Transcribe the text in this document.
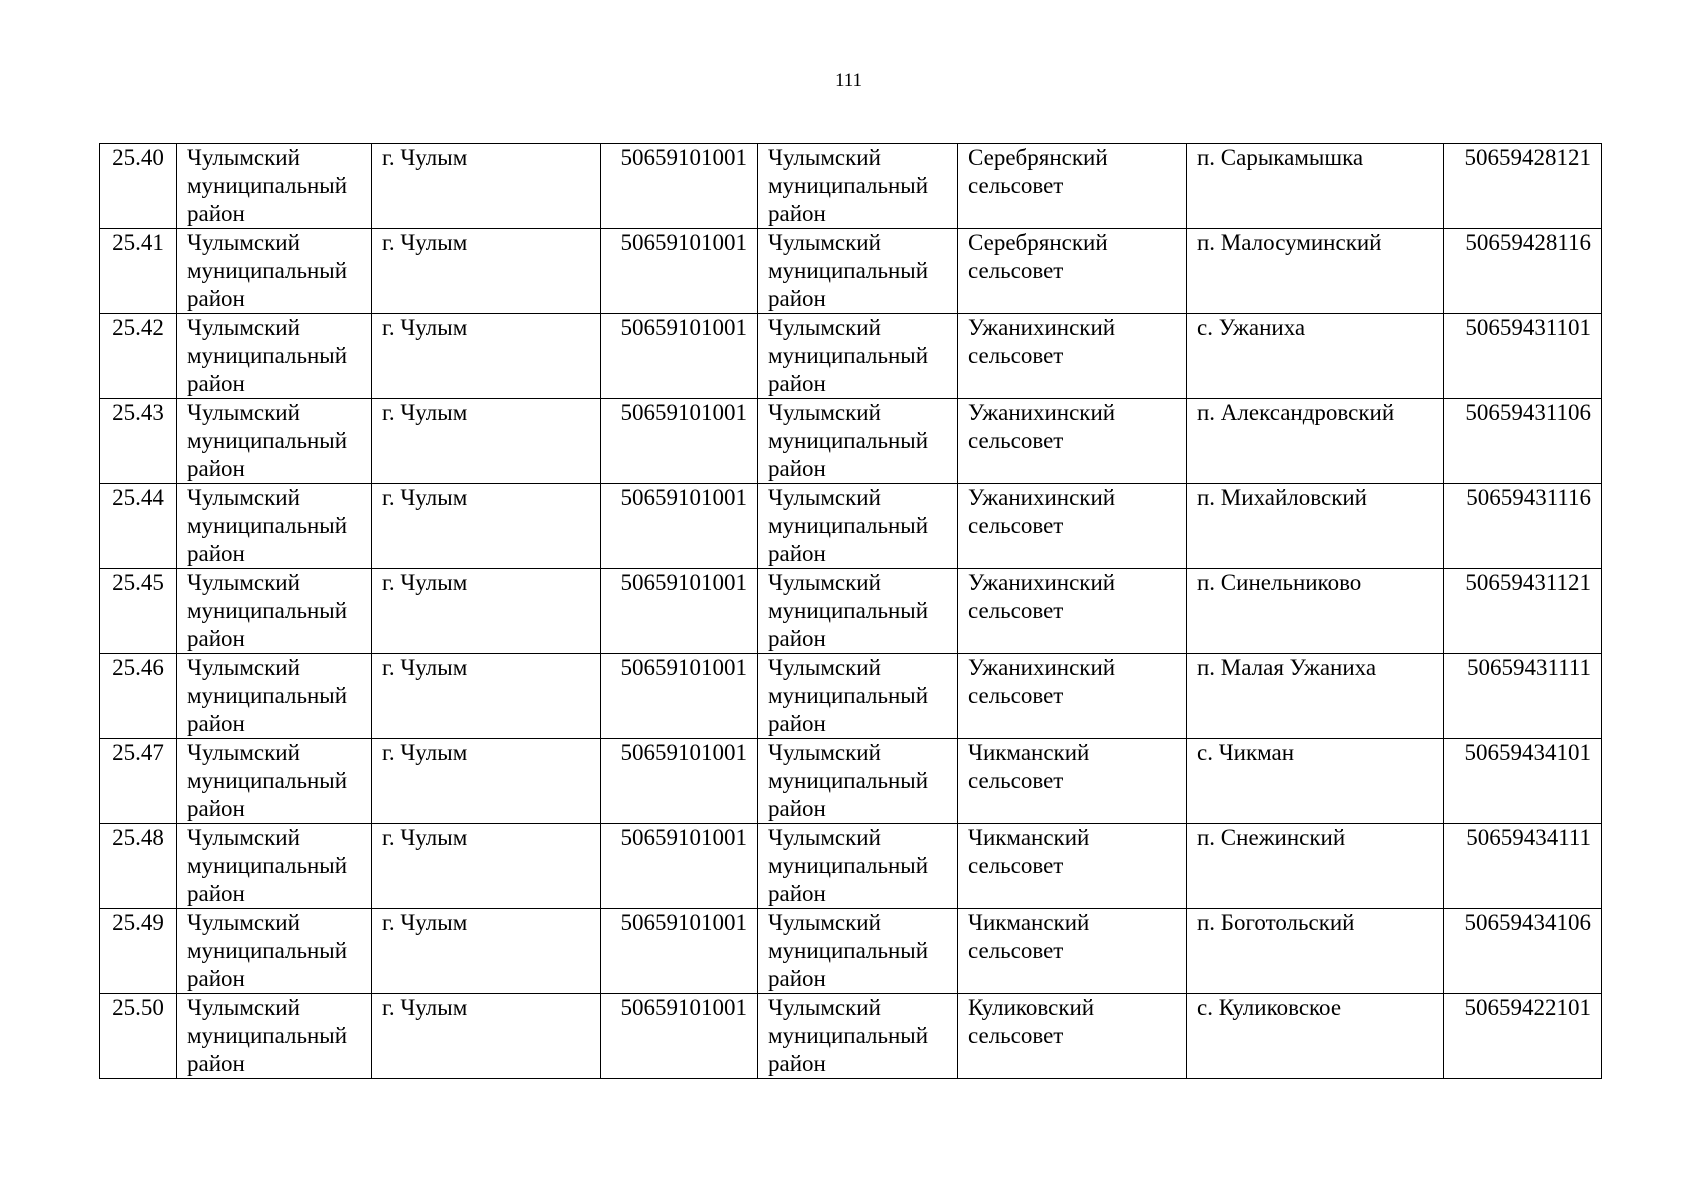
111
25.40	Чулымский муниципальный район	г. Чулым	50659101001	Чулымский муниципальный район	Серебрянский сельсовет	п. Сарыкамышка	50659428121
25.41	Чулымский муниципальный район	г. Чулым	50659101001	Чулымский муниципальный район	Серебрянский сельсовет	п. Малосуминский	50659428116
25.42	Чулымский муниципальный район	г. Чулым	50659101001	Чулымский муниципальный район	Ужанихинский сельсовет	с. Ужаниха	50659431101
25.43	Чулымский муниципальный район	г. Чулым	50659101001	Чулымский муниципальный район	Ужанихинский сельсовет	п. Александровский	50659431106
25.44	Чулымский муниципальный район	г. Чулым	50659101001	Чулымский муниципальный район	Ужанихинский сельсовет	п. Михайловский	50659431116
25.45	Чулымский муниципальный район	г. Чулым	50659101001	Чулымский муниципальный район	Ужанихинский сельсовет	п. Синельниково	50659431121
25.46	Чулымский муниципальный район	г. Чулым	50659101001	Чулымский муниципальный район	Ужанихинский сельсовет	п. Малая Ужаниха	50659431111
25.47	Чулымский муниципальный район	г. Чулым	50659101001	Чулымский муниципальный район	Чикманский сельсовет	с. Чикман	50659434101
25.48	Чулымский муниципальный район	г. Чулым	50659101001	Чулымский муниципальный район	Чикманский сельсовет	п. Снежинский	50659434111
25.49	Чулымский муниципальный район	г. Чулым	50659101001	Чулымский муниципальный район	Чикманский сельсовет	п. Боготольский	50659434106
25.50	Чулымский муниципальный район	г. Чулым	50659101001	Чулымский муниципальный район	Куликовский сельсовет	с. Куликовское	50659422101
